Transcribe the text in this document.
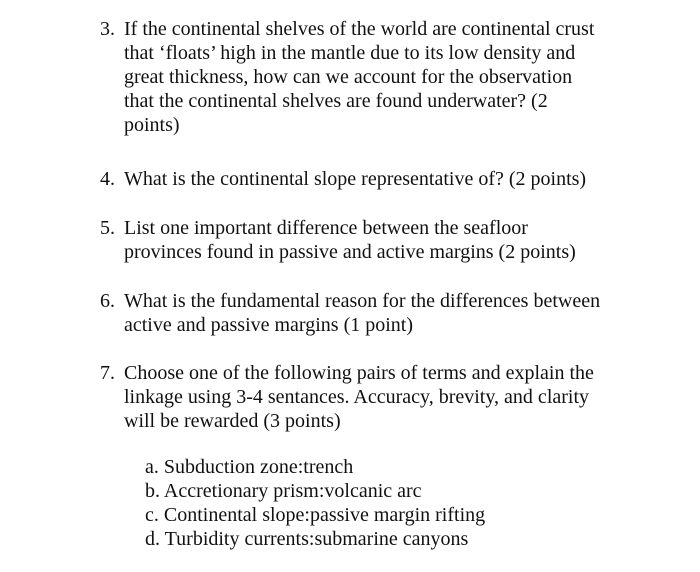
3. If the continental shelves of the world are continental crust
that ‘floats’ high in the mantle due to its low density and
great thickness, how can we account for the observation
that the continental shelves are found underwater? (2
points)
4. What is the continental slope representative of? (2 points)
5. List one important difference between the seafloor
provinces found in passive and active margins (2 points)
6. What is the fundamental reason for the differences between
active and passive margins (1 point)
7. Choose one of the following pairs of terms and explain the
linkage using 3-4 sentances. Accuracy, brevity, and clarity
will be rewarded (3 points)
a. Subduction zone:trench
b. Accretionary prism:volcanic arc
c. Continental slope:passive margin rifting
d. Turbidity currents:submarine canyons
